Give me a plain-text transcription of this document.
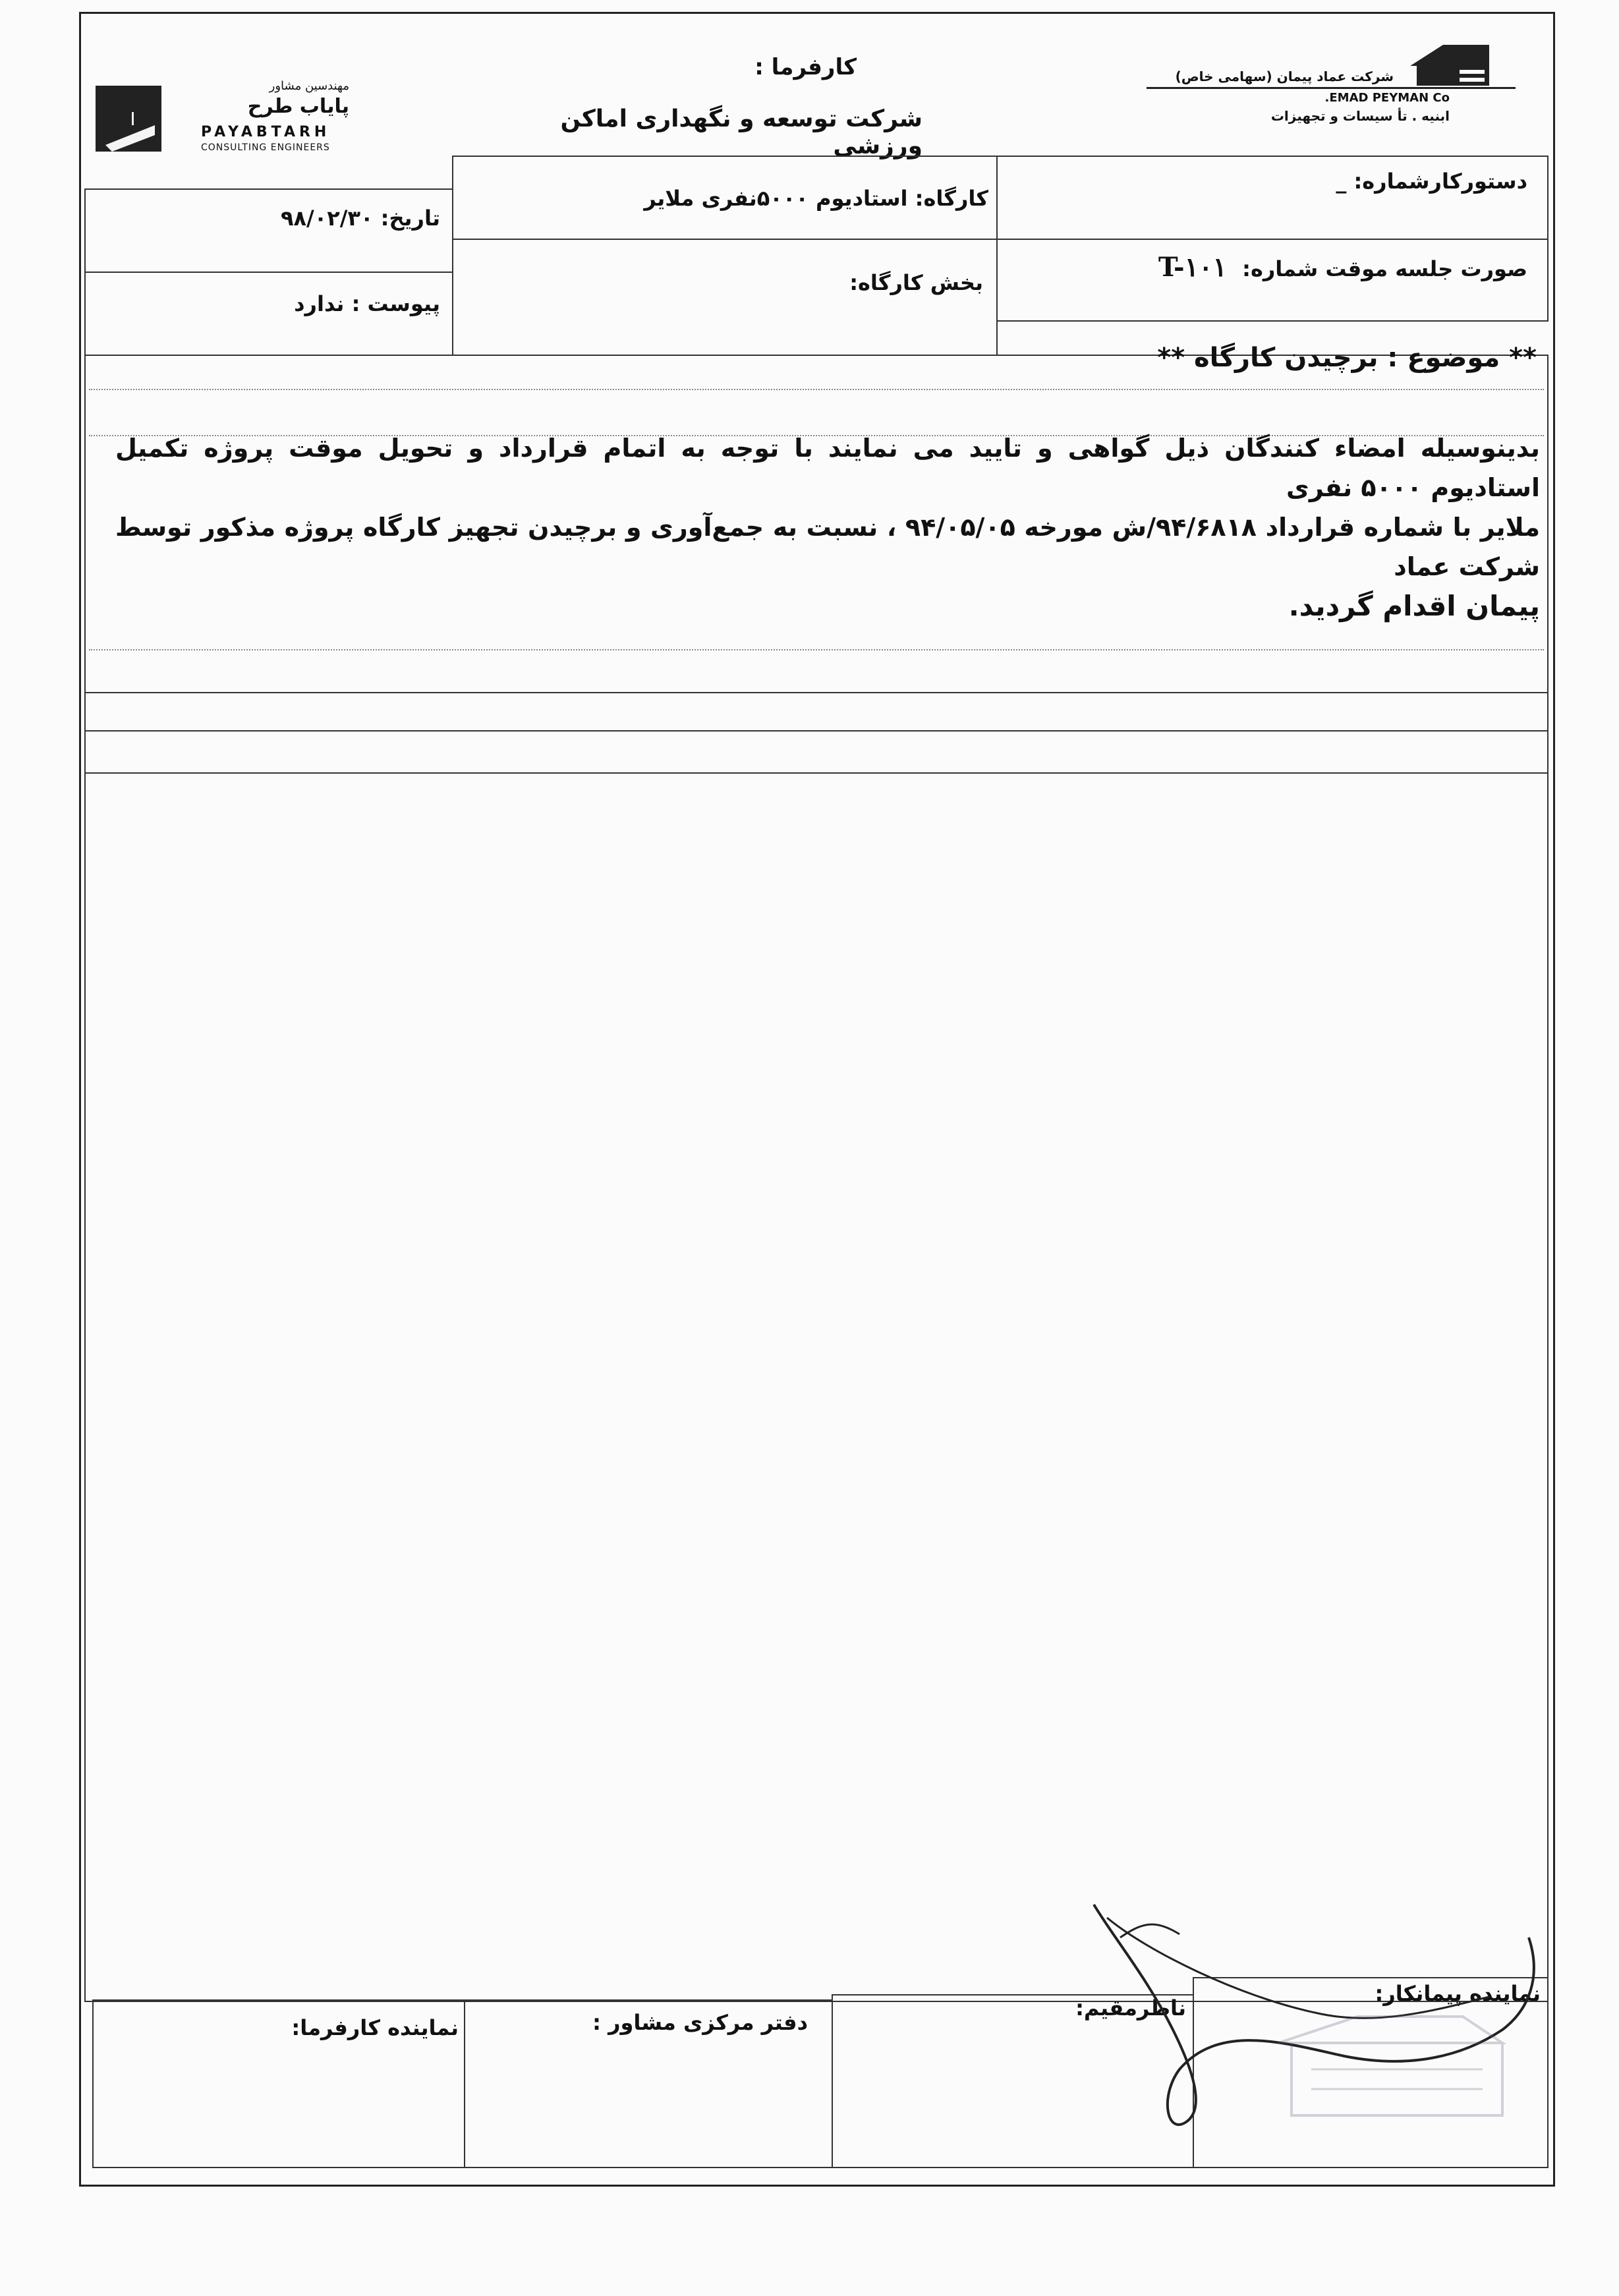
مهندسین مشاور
پایاب طرح
PAYABTARH
CONSULTING ENGINEERS
کارفرما :
شرکت توسعه و نگهداری اماکن ورزشی
شرکت عماد پیمان (سهامی خاص)
EMAD PEYMAN Co.
ابنیه . تأ سیسات و تجهیزات
دستورکارشماره: _
کارگاه: استادیوم ۵۰۰۰نفری ملایر
تاریخ: ۹۸/۰۲/۳۰
صورت جلسه موقت شماره: T-۱۰۱
بخش کارگاه:
پیوست : ندارد
** موضوع : برچیدن کارگاه **
بدینوسیله امضاء کنندگان ذیل گواهی و تایید می نمایند با توجه به اتمام قرارداد و تحویل موقت پروژه تکمیل استادیوم ۵۰۰۰ نفری
ملایر با شماره قرارداد ۹۴/۶۸۱۸/ش مورخه ۹۴/۰۵/۰۵ ، نسبت به جمع‌آوری و برچیدن تجهیز کارگاه پروژه مذکور توسط شرکت عماد
پیمان اقدام گردید.
نماینده پیمانکار:
ناظرمقیم:
دفتر مرکزی مشاور :
نماینده کارفرما:
